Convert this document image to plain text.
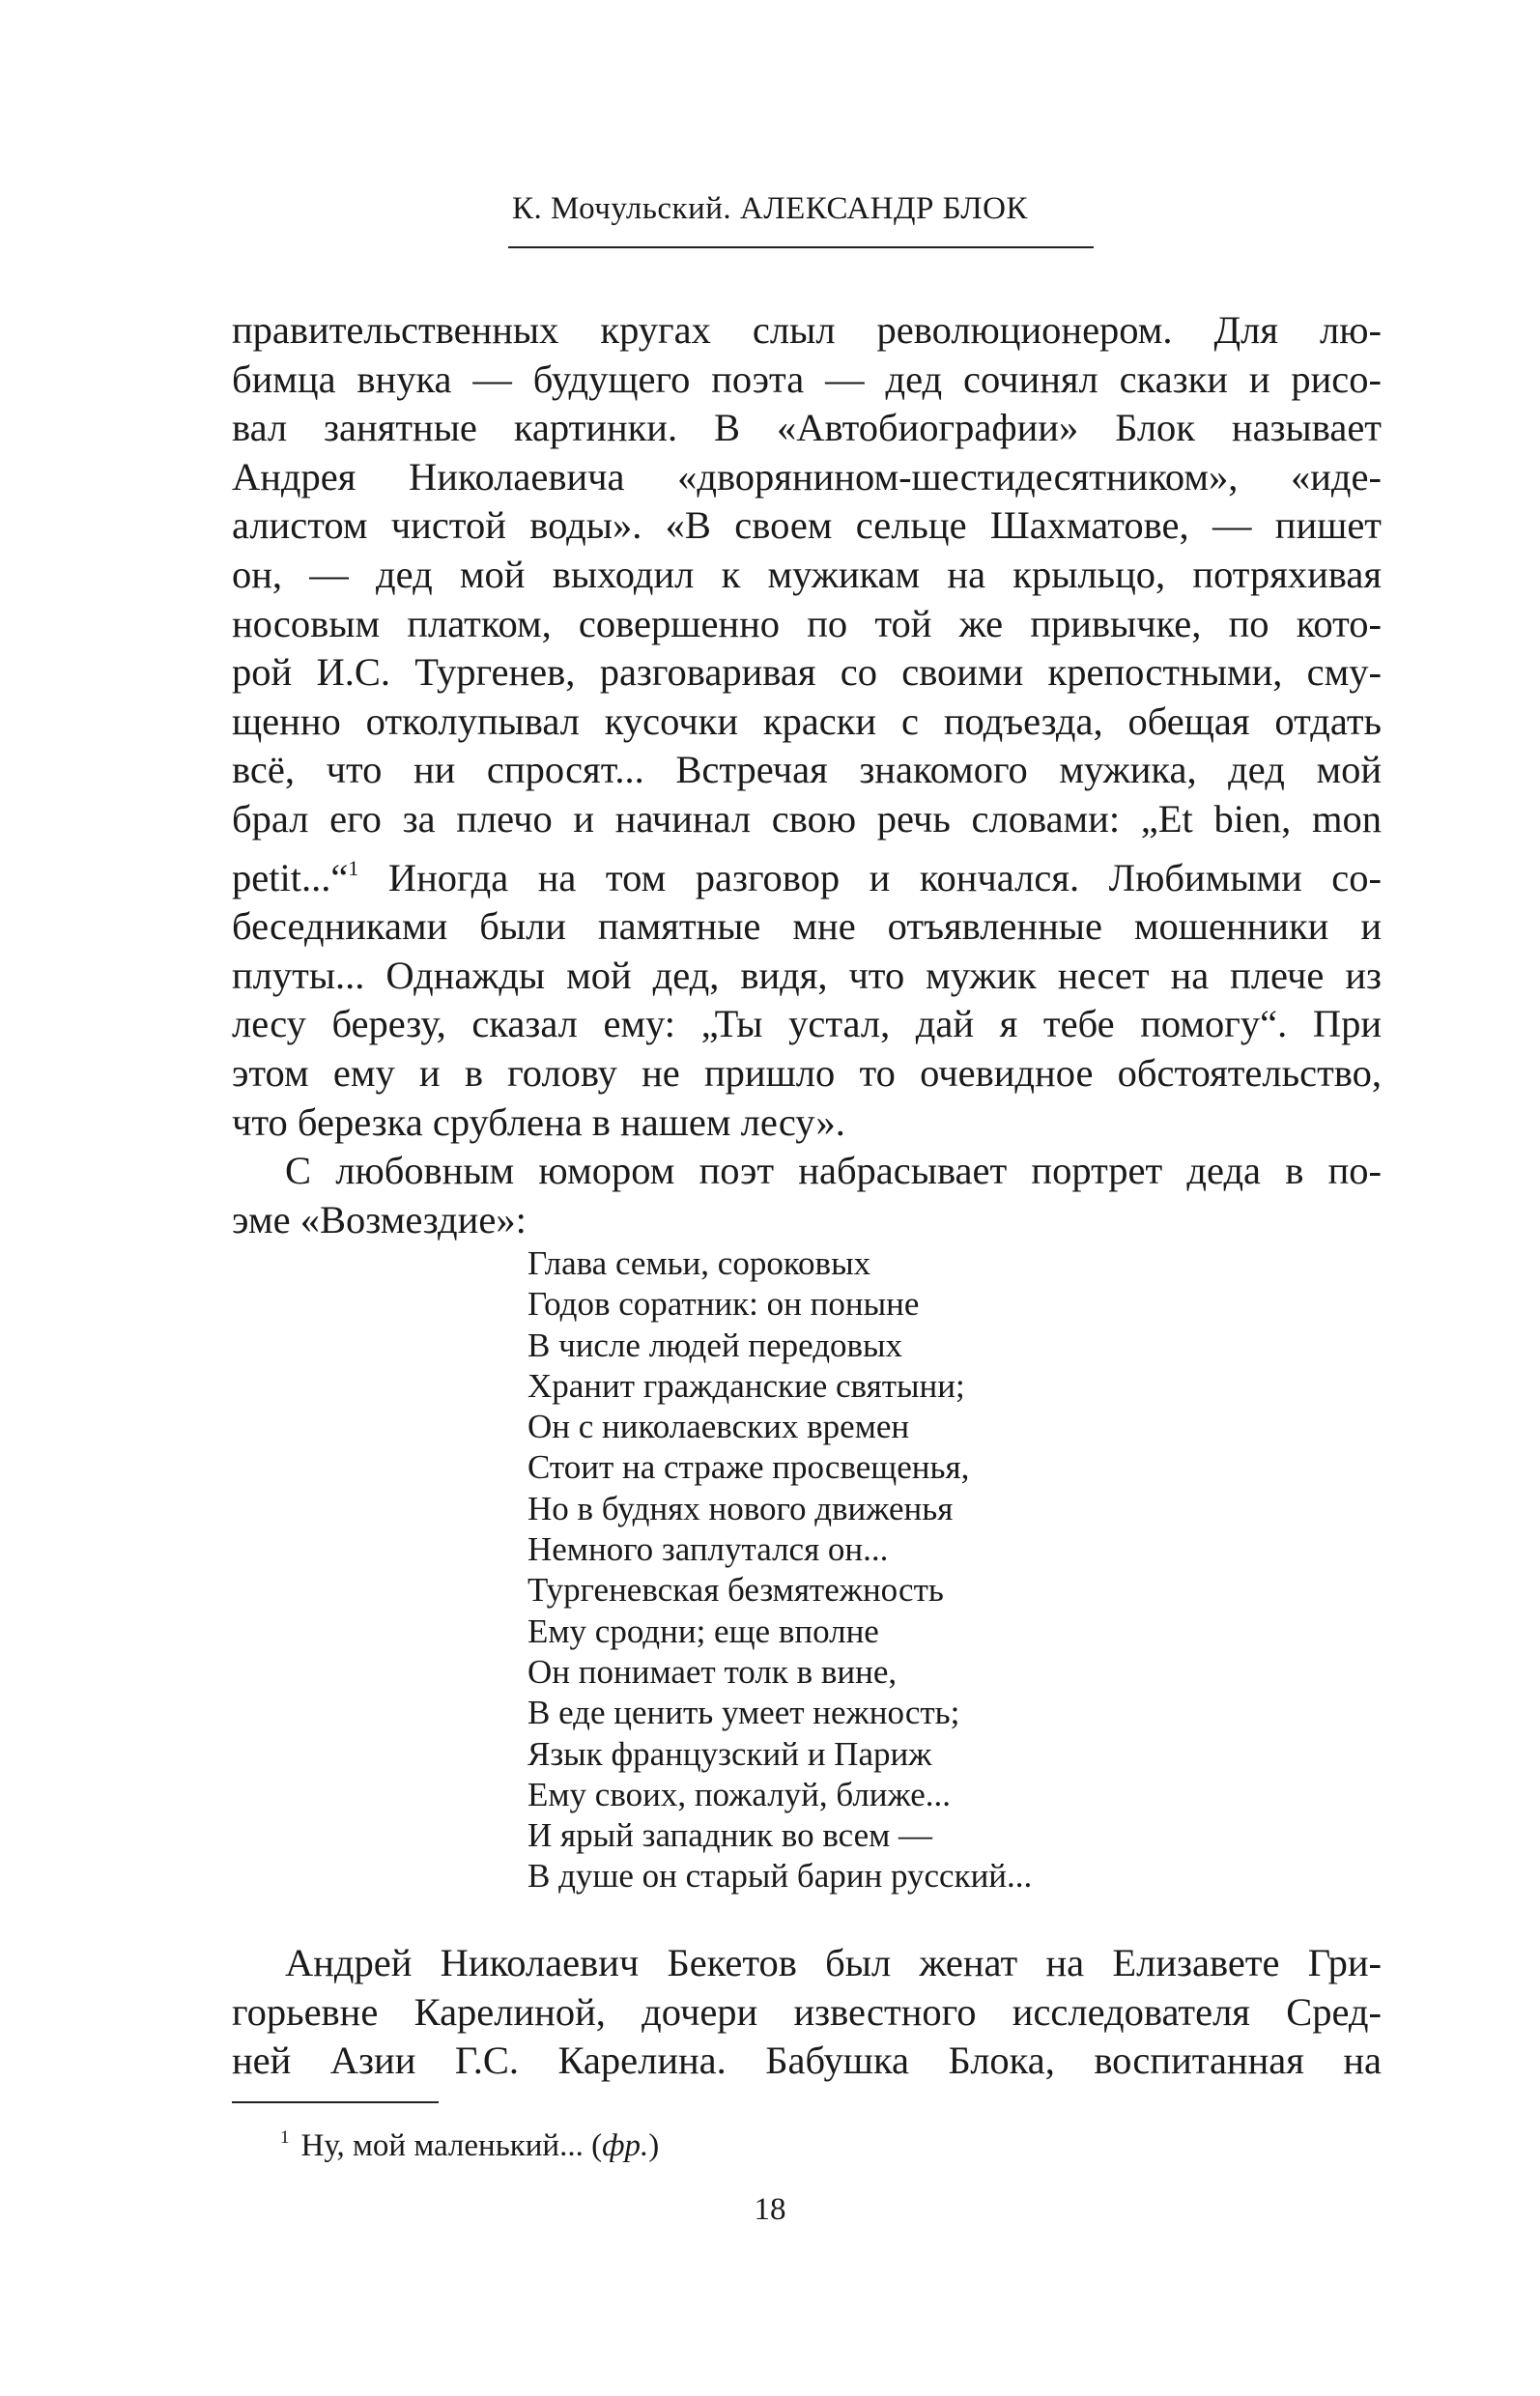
К. Мочульский. АЛЕКСАНДР БЛОК
правительственных кругах слыл революционером. Для лю-
бимца внука — будущего поэта — дед сочинял сказки и рисо-
вал занятные картинки. В «Автобиографии» Блок называет
Андрея Николаевича «дворянином-шестидесятником», «иде-
алистом чистой воды». «В своем сельце Шахматове, — пишет
он, — дед мой выходил к мужикам на крыльцо, потряхивая
носовым платком, совершенно по той же привычке, по кото-
рой И.С. Тургенев, разговаривая со своими крепостными, сму-
щенно отколупывал кусочки краски с подъезда, обещая отдать
всё, что ни спросят... Встречая знакомого мужика, дед мой
брал его за плечо и начинал свою речь словами: „Et bien, mon
petit...“$^1$ Иногда на том разговор и кончался. Любимыми со-
беседниками были памятные мне отъявленные мошенники и
плуты... Однажды мой дед, видя, что мужик несет на плече из
лесу березу, сказал ему: „Ты устал, дай я тебе помогу“. При
этом ему и в голову не пришло то очевидное обстоятельство,
что березка срублена в нашем лесу».
С любовным юмором поэт набрасывает портрет деда в по-
эме «Возмездие»:
Глава семьи, сороковых
Годов соратник: он поныне
В числе людей передовых
Хранит гражданские святыни;
Он с николаевских времен
Стоит на страже просвещенья,
Но в буднях нового движенья
Немного заплутался он...
Тургеневская безмятежность
Ему сродни; еще вполне
Он понимает толк в вине,
В еде ценить умеет нежность;
Язык французский и Париж
Ему своих, пожалуй, ближе...
И ярый западник во всем —
В душе он старый барин русский...
Андрей Николаевич Бекетов был женат на Елизавете Гри-
горьевне Карелиной, дочери известного исследователя Сред-
ней Азии Г.С. Карелина. Бабушка Блока, воспитанная на
$^1$ Ну, мой маленький... (фр.)
18
